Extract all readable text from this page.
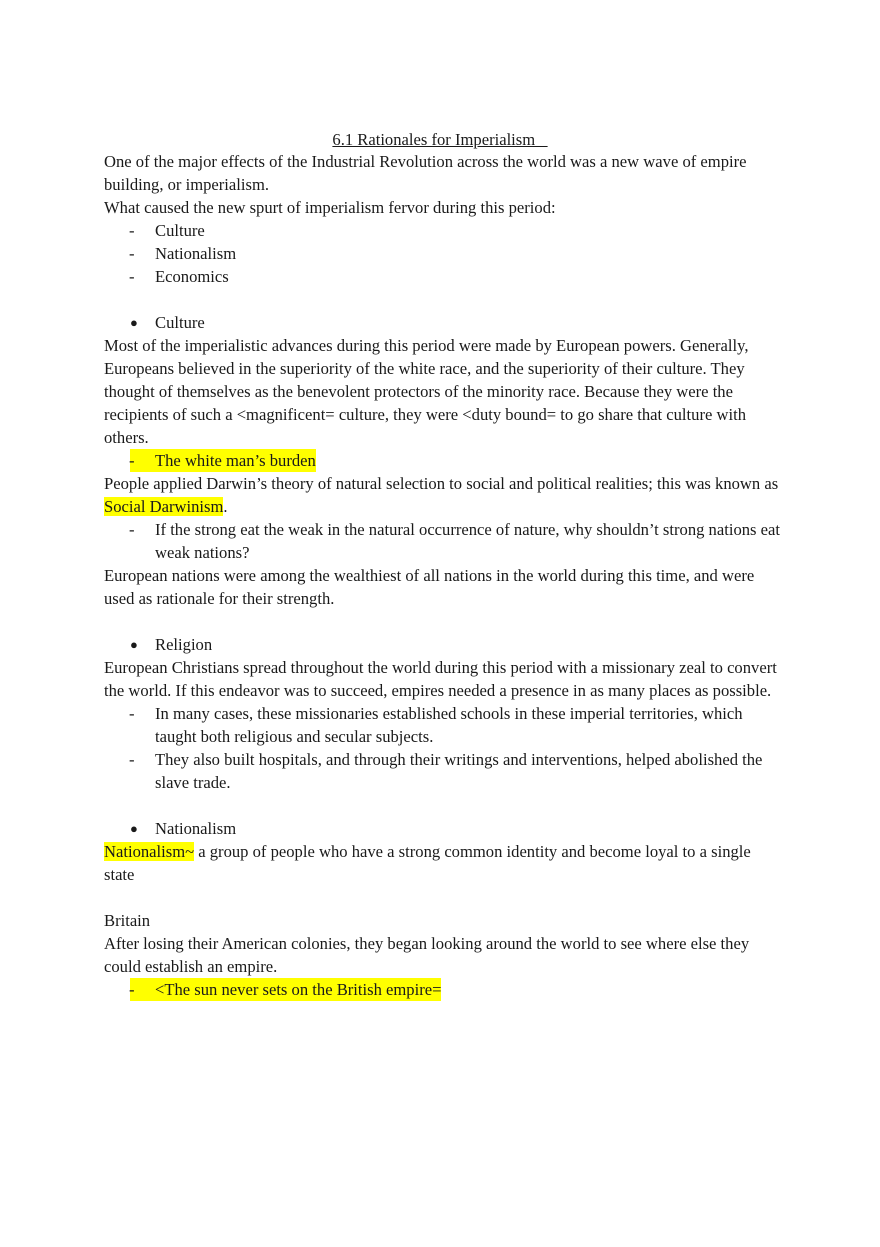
6.1 Rationales for Imperialism

One of the major effects of the Industrial Revolution across the world was a new wave of empire building, or imperialism.

What caused the new spurt of imperialism fervor during this period:

- Culture

- Nationalism

- Economics

● Culture

Most of the imperialistic advances during this period were made by European powers. Generally, Europeans believed in the superiority of the white race, and the superiority of their culture. They thought of themselves as the benevolent protectors of the minority race. Because they were the recipients of such a <magnificent= culture, they were <duty bound= to go share that culture with others.

- The white man’s burden

People applied Darwin’s theory of natural selection to social and political realities; this was known as Social Darwinism.

- If the strong eat the weak in the natural occurrence of nature, why shouldn’t strong nations eat weak nations?

European nations were among the wealthiest of all nations in the world during this time, and were used as rationale for their strength.

● Religion

European Christians spread throughout the world during this period with a missionary zeal to convert the world. If this endeavor was to succeed, empires needed a presence in as many places as possible.

- In many cases, these missionaries established schools in these imperial territories, which taught both religious and secular subjects.

- They also built hospitals, and through their writings and interventions, helped abolished the slave trade.

● Nationalism

Nationalism~ a group of people who have a strong common identity and become loyal to a single state

Britain

After losing their American colonies, they began looking around the world to see where else they could establish an empire.

- <The sun never sets on the British empire=
